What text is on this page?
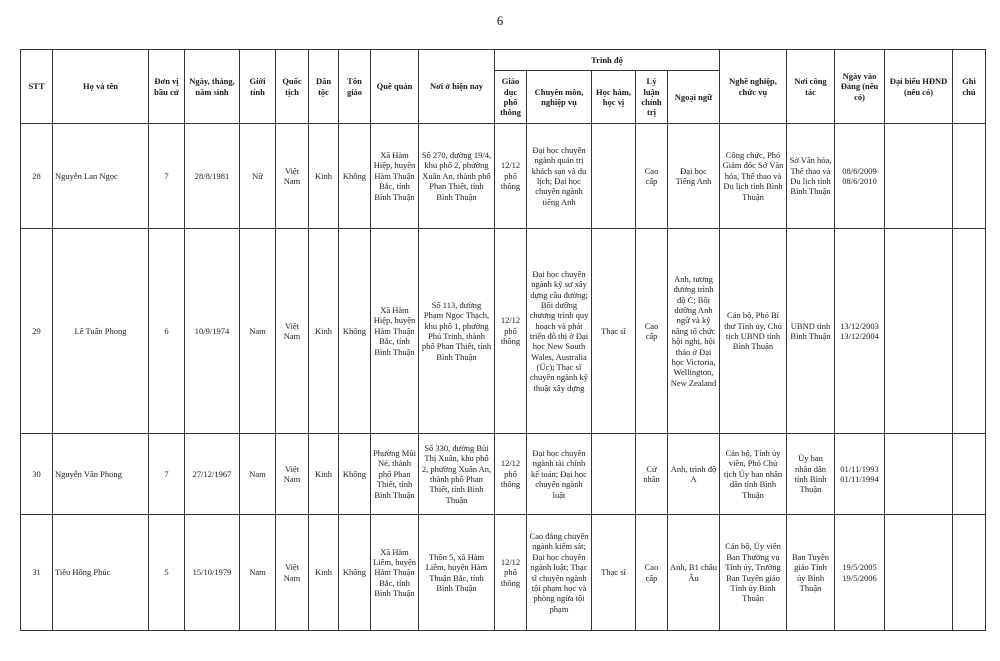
6
STT	Họ và tên	Đơn vị bầu cử	Ngày, tháng, năm sinh	Giới tính	Quốc tịch	Dân tộc	Tôn giáo	Quê quán	Nơi ở hiện nay	Trình độ					Nghề nghiệp, chức vụ	Nơi công tác	Ngày vào Đảng (nếu có)	Đại biểu HĐND (nếu có)	Ghi chú
										Giáo dục phổ thông	Chuyên môn, nghiệp vụ	Học hàm, học vị	Lý luận chính trị	Ngoại ngữ					
28	Nguyễn Lan Ngọc	7	28/8/1981	Nữ	Việt Nam	Kinh	Không	Xã Hàm Hiệp, huyện Hàm Thuận Bắc, tỉnh Bình Thuận	Số 270, đường 19/4, khu phố 2, phường Xuân An, thành phố Phan Thiết, tỉnh Bình Thuận	12/12 phổ thông	Đại học chuyên ngành quản trị khách sạn và du lịch; Đại học chuyên ngành tiếng Anh		Cao cấp	Đại học Tiếng Anh	Công chức, Phó Giám đốc Sở Văn hóa, Thể thao và Du lịch tỉnh Bình Thuận	Sở Văn hóa, Thể thao và Du lịch tỉnh Bình Thuận	08/6/2009 08/6/2010		
29	Lê Tuấn Phong	6	10/9/1974	Nam	Việt Nam	Kinh	Không	Xã Hàm Hiệp, huyện Hàm Thuận Bắc, tỉnh Bình Thuận	Số 113, đường Phạm Ngọc Thạch, khu phố 1, phường Phú Trinh, thành phố Phan Thiết, tỉnh Bình Thuận	12/12 phổ thông	Đại học chuyên ngành kỹ sư xây dựng cầu đường; Bồi dưỡng chương trình quy hoạch và phát triển đô thị ở Đại học New South Wales, Australia (Úc); Thạc sĩ chuyên ngành kỹ thuật xây dựng	Thạc sĩ	Cao cấp	Anh, tương đương trình độ C; Bồi dưỡng Anh ngữ và kỹ năng tổ chức hội nghị, hội thảo ở Đại học Victoria, Wellington, New Zealand	Cán bộ, Phó Bí thư Tỉnh ủy, Chủ tịch UBND tỉnh Bình Thuận	UBND tỉnh Bình Thuận	13/12/2003 13/12/2004		
30	Nguyễn Văn Phong	7	27/12/1967	Nam	Việt Nam	Kinh	Không	Phường Mũi Né, thành phố Phan Thiết, tỉnh Bình Thuận	Số 330, đường Bùi Thị Xuân, khu phố 2, phường Xuân An, thành phố Phan Thiết, tỉnh Bình Thuận	12/12 phổ thông	Đại học chuyên ngành tài chính kế toán; Đại học chuyên ngành luật		Cử nhân	Anh, trình độ A	Cán bộ, Tỉnh ủy viên, Phó Chủ tịch Ủy ban nhân dân tỉnh Bình Thuận	Ủy ban nhân dân tỉnh Bình Thuận	01/11/1993 01/11/1994		
31	Tiêu Hồng Phúc	5	15/10/1979	Nam	Việt Nam	Kinh	Không	Xã Hàm Liêm, huyện Hàm Thuận Bắc, tỉnh Bình Thuận	Thôn 5, xã Hàm Liêm, huyện Hàm Thuận Bắc, tỉnh Bình Thuận	12/12 phổ thông	Cao đẳng chuyên ngành kiểm sát; Đại học chuyên ngành luật; Thạc sĩ chuyên ngành tội phạm học và phòng ngừa tội phạm	Thạc sĩ	Cao cấp	Anh, B1 châu Âu	Cán bộ, Ủy viên Ban Thường vụ Tỉnh ủy, Trưởng Ban Tuyên giáo Tỉnh ủy Bình Thuận	Ban Tuyên giáo Tỉnh ủy Bình Thuận	19/5/2005 19/5/2006		
